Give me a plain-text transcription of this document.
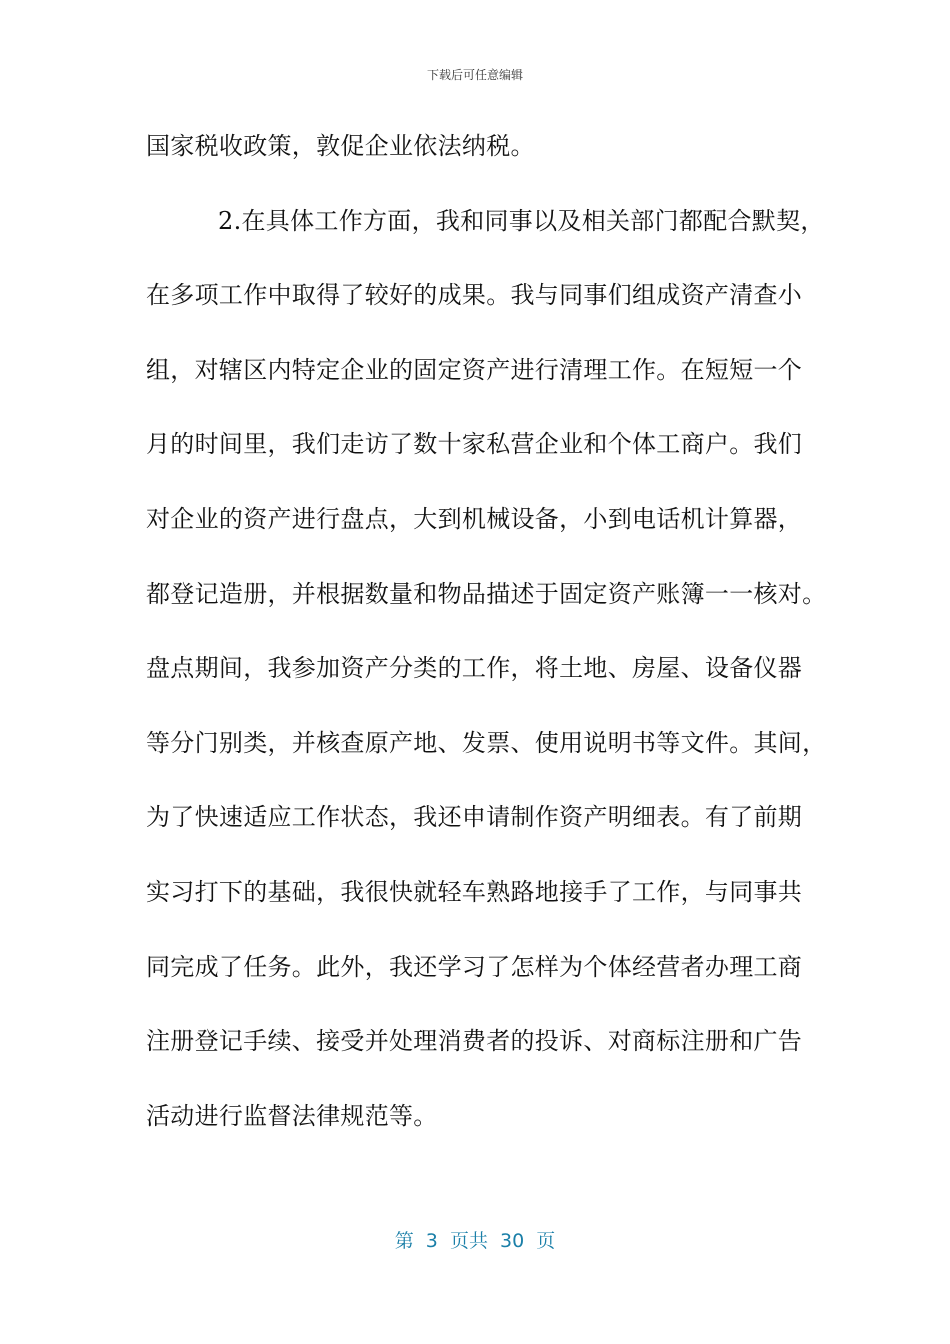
下载后可任意编辑
国家税收政策，敦促企业依法纳税。
2.在具体工作方面，我和同事以及相关部门都配合默契，
在多项工作中取得了较好的成果。我与同事们组成资产清查小
组，对辖区内特定企业的固定资产进行清理工作。在短短一个
月的时间里，我们走访了数十家私营企业和个体工商户。我们
对企业的资产进行盘点，大到机械设备，小到电话机计算器，
都登记造册，并根据数量和物品描述于固定资产账簿一一核对。
盘点期间，我参加资产分类的工作，将土地、房屋、设备仪器
等分门别类，并核查原产地、发票、使用说明书等文件。其间，
为了快速适应工作状态，我还申请制作资产明细表。有了前期
实习打下的基础，我很快就轻车熟路地接手了工作，与同事共
同完成了任务。此外，我还学习了怎样为个体经营者办理工商
注册登记手续、接受并处理消费者的投诉、对商标注册和广告
活动进行监督法律规范等。
第  3  页共  30  页
